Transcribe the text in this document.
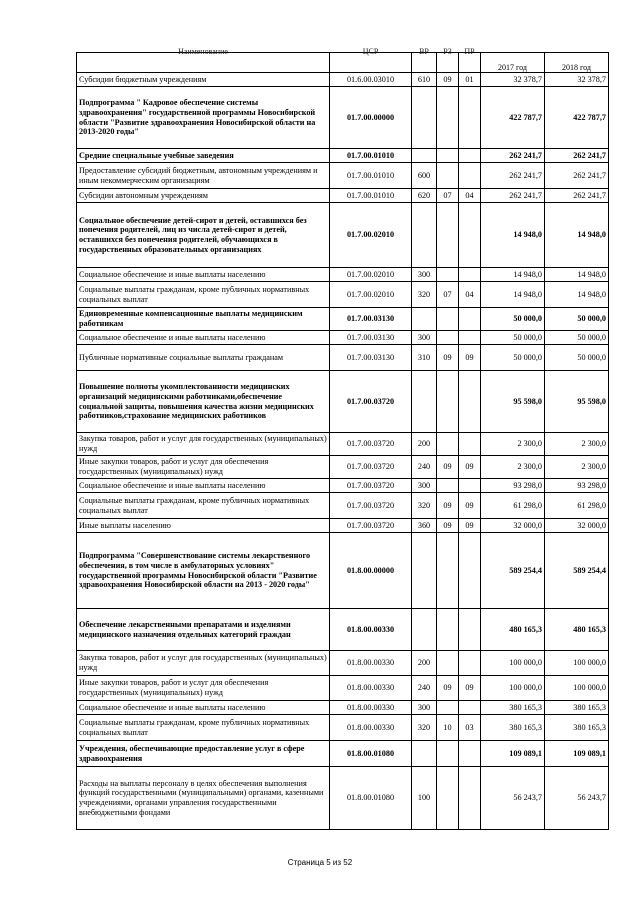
Наименование	ЦСР	ВР	РЗ	ПР	2017 год	2018 год
Субсидии бюджетным учреждениям	01.6.00.03010	610	09	01	32 378,7	32 378,7
Подпрограмма " Кадровое обеспечение системы здравоохранения" государственной программы Новосибирской области "Развитие здравоохранения Новосибирской области на 2013-2020 годы"	01.7.00.00000				422 787,7	422 787,7
Средние специальные учебные заведения	01.7.00.01010				262 241,7	262 241,7
Предоставление субсидий бюджетным, автономным учреждениям и иным некоммерческим организациям	01.7.00.01010	600			262 241,7	262 241,7
Субсидии автономным учреждениям	01.7.00.01010	620	07	04	262 241,7	262 241,7
Социальное обеспечение детей-сирот и детей, оставшихся без попечения родителей, лиц из числа детей-сирот и детей, оставшихся без попечения родителей, обучающихся в государственных образовательных организациях	01.7.00.02010				14 948,0	14 948,0
Социальное обеспечение и иные выплаты населению	01.7.00.02010	300			14 948,0	14 948,0
Социальные выплаты гражданам, кроме публичных нормативных социальных выплат	01.7.00.02010	320	07	04	14 948,0	14 948,0
Единовременные компенсационные выплаты медицинским работникам	01.7.00.03130				50 000,0	50 000,0
Социальное обеспечение и иные выплаты населению	01.7.00.03130	300			50 000,0	50 000,0
Публичные нормативные социальные выплаты гражданам	01.7.00.03130	310	09	09	50 000,0	50 000,0
Повышение полноты укомплектованности медицинских организаций медицинскими работниками,обеспечение социальной защиты, повышения качества жизни медицинских работников,страхование медицинских работников	01.7.00.03720				95 598,0	95 598,0
Закупка товаров, работ и услуг для государственных (муниципальных) нужд	01.7.00.03720	200			2 300,0	2 300,0
Иные закупки товаров, работ и услуг для обеспечения государственных (муниципальных) нужд	01.7.00.03720	240	09	09	2 300,0	2 300,0
Социальное обеспечение и иные выплаты населению	01.7.00.03720	300			93 298,0	93 298,0
Социальные выплаты гражданам, кроме публичных нормативных социальных выплат	01.7.00.03720	320	09	09	61 298,0	61 298,0
Иные выплаты населению	01.7.00.03720	360	09	09	32 000,0	32 000,0
Подпрограмма "Совершенствование системы лекарственного обеспечения, в том числе в амбулаторных условиях" государственной программы Новосибирской области "Развитие здравоохранения Новосибирской области на 2013 - 2020 годы"	01.8.00.00000				589 254,4	589 254,4
Обеспечение лекарственными препаратами и изделиями медицинского назначения отдельных категорий граждан	01.8.00.00330				480 165,3	480 165,3
Закупка товаров, работ и услуг для государственных (муниципальных) нужд	01.8.00.00330	200			100 000,0	100 000,0
Иные закупки товаров, работ и услуг для обеспечения государственных (муниципальных) нужд	01.8.00.00330	240	09	09	100 000,0	100 000,0
Социальное обеспечение и иные выплаты населению	01.8.00.00330	300			380 165,3	380 165,3
Социальные выплаты гражданам, кроме публичных нормативных социальных выплат	01.8.00.00330	320	10	03	380 165,3	380 165,3
Учреждения, обеспечивающие предоставление услуг в сфере здравоохранения	01.8.00.01080				109 089,1	109 089,1
Расходы на выплаты персоналу в целях обеспечения выполнения функций государственными (муниципальными) органами, казенными учреждениями, органами управления государственными внебюджетными фондами	01.8.00.01080	100			56 243,7	56 243,7
Страница 5 из 52
